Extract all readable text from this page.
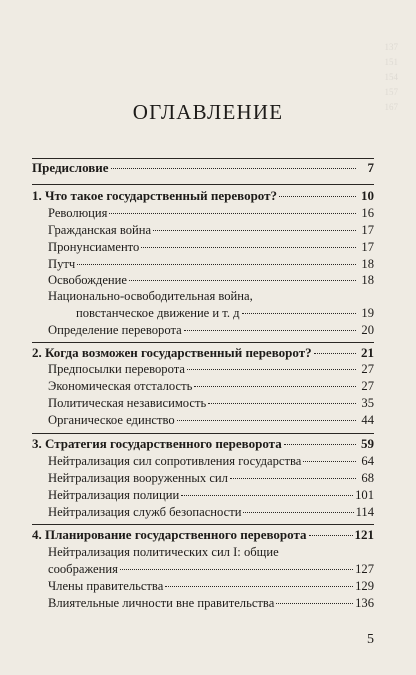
137
151
154
157
167
ОГЛАВЛЕНИЕ
Предисловие	7
1. Что такое государственный переворот?	10
Революция	16
Гражданская война	17
Пронунсиаменто	17
Путч	18
Освобождение	18
Национально-освободительная война,
повстанческое движение и т. д	19
Определение переворота	20
2. Когда возможен государственный переворот?	21
Предпосылки переворота	27
Экономическая отсталость	27
Политическая независимость	35
Органическое единство	44
3. Стратегия государственного переворота	59
Нейтрализация сил сопротивления государства	64
Нейтрализация вооруженных сил	68
Нейтрализация полиции	101
Нейтрализация служб безопасности	114
4. Планирование государственного переворота	121
Нейтрализация политических сил I: общие
соображения	127
Члены правительства	129
Влиятельные личности вне правительства	136
5
